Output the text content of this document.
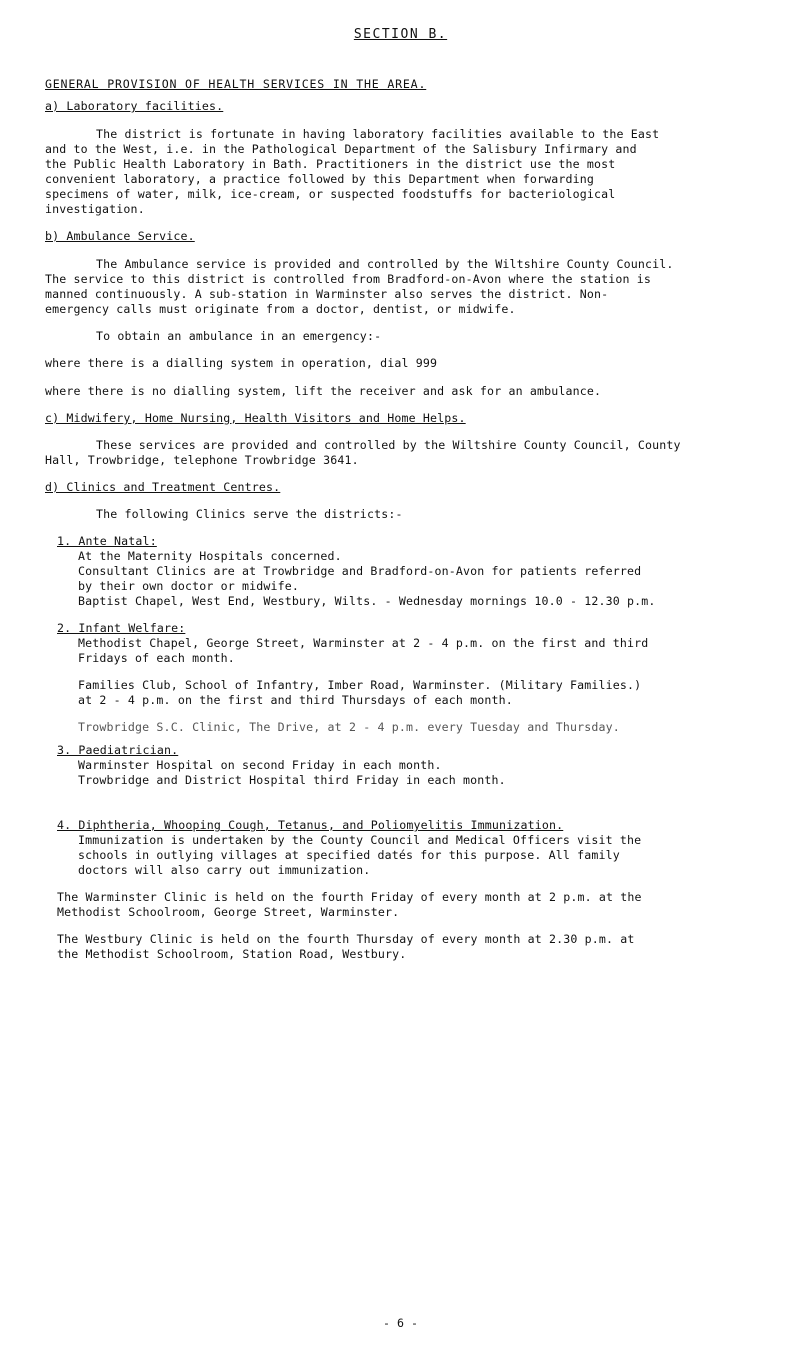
SECTION B.
GENERAL PROVISION OF HEALTH SERVICES IN THE AREA.
a) Laboratory facilities.
The district is fortunate in having laboratory facilities available to the East
and to the West, i.e. in the Pathological Department of the Salisbury Infirmary and
the Public Health Laboratory in Bath. Practitioners in the district use the most
convenient laboratory, a practice followed by this Department when forwarding
specimens of water, milk, ice-cream, or suspected foodstuffs for bacteriological
investigation.
b) Ambulance Service.
The Ambulance service is provided and controlled by the Wiltshire County Council.
The service to this district is controlled from Bradford-on-Avon where the station is
manned continuously. A sub-station in Warminster also serves the district. Non-
emergency calls must originate from a doctor, dentist, or midwife.
To obtain an ambulance in an emergency:-
where there is a dialling system in operation, dial 999
where there is no dialling system, lift the receiver and ask for an ambulance.
c) Midwifery, Home Nursing, Health Visitors and Home Helps.
These services are provided and controlled by the Wiltshire County Council, County
Hall, Trowbridge, telephone Trowbridge 3641.
d) Clinics and Treatment Centres.
The following Clinics serve the districts:-
1. Ante Natal:
At the Maternity Hospitals concerned.
Consultant Clinics are at Trowbridge and Bradford-on-Avon for patients referred
by their own doctor or midwife.
Baptist Chapel, West End, Westbury, Wilts. - Wednesday mornings 10.0 - 12.30 p.m.
2. Infant Welfare:
Methodist Chapel, George Street, Warminster at 2 - 4 p.m. on the first and third
Fridays of each month.
Families Club, School of Infantry, Imber Road, Warminster. (Military Families.)
at 2 - 4 p.m. on the first and third Thursdays of each month.
Trowbridge S.C. Clinic, The Drive, at 2 - 4 p.m. every Tuesday and Thursday.
3. Paediatrician.
Warminster Hospital on second Friday in each month.
Trowbridge and District Hospital third Friday in each month.
4. Diphtheria, Whooping Cough, Tetanus, and Poliomyelitis Immunization.
Immunization is undertaken by the County Council and Medical Officers visit the
schools in outlying villages at specified datés for this purpose. All family
doctors will also carry out immunization.
The Warminster Clinic is held on the fourth Friday of every month at 2 p.m. at the
Methodist Schoolroom, George Street, Warminster.
The Westbury Clinic is held on the fourth Thursday of every month at 2.30 p.m. at
the Methodist Schoolroom, Station Road, Westbury.
- 6 -
